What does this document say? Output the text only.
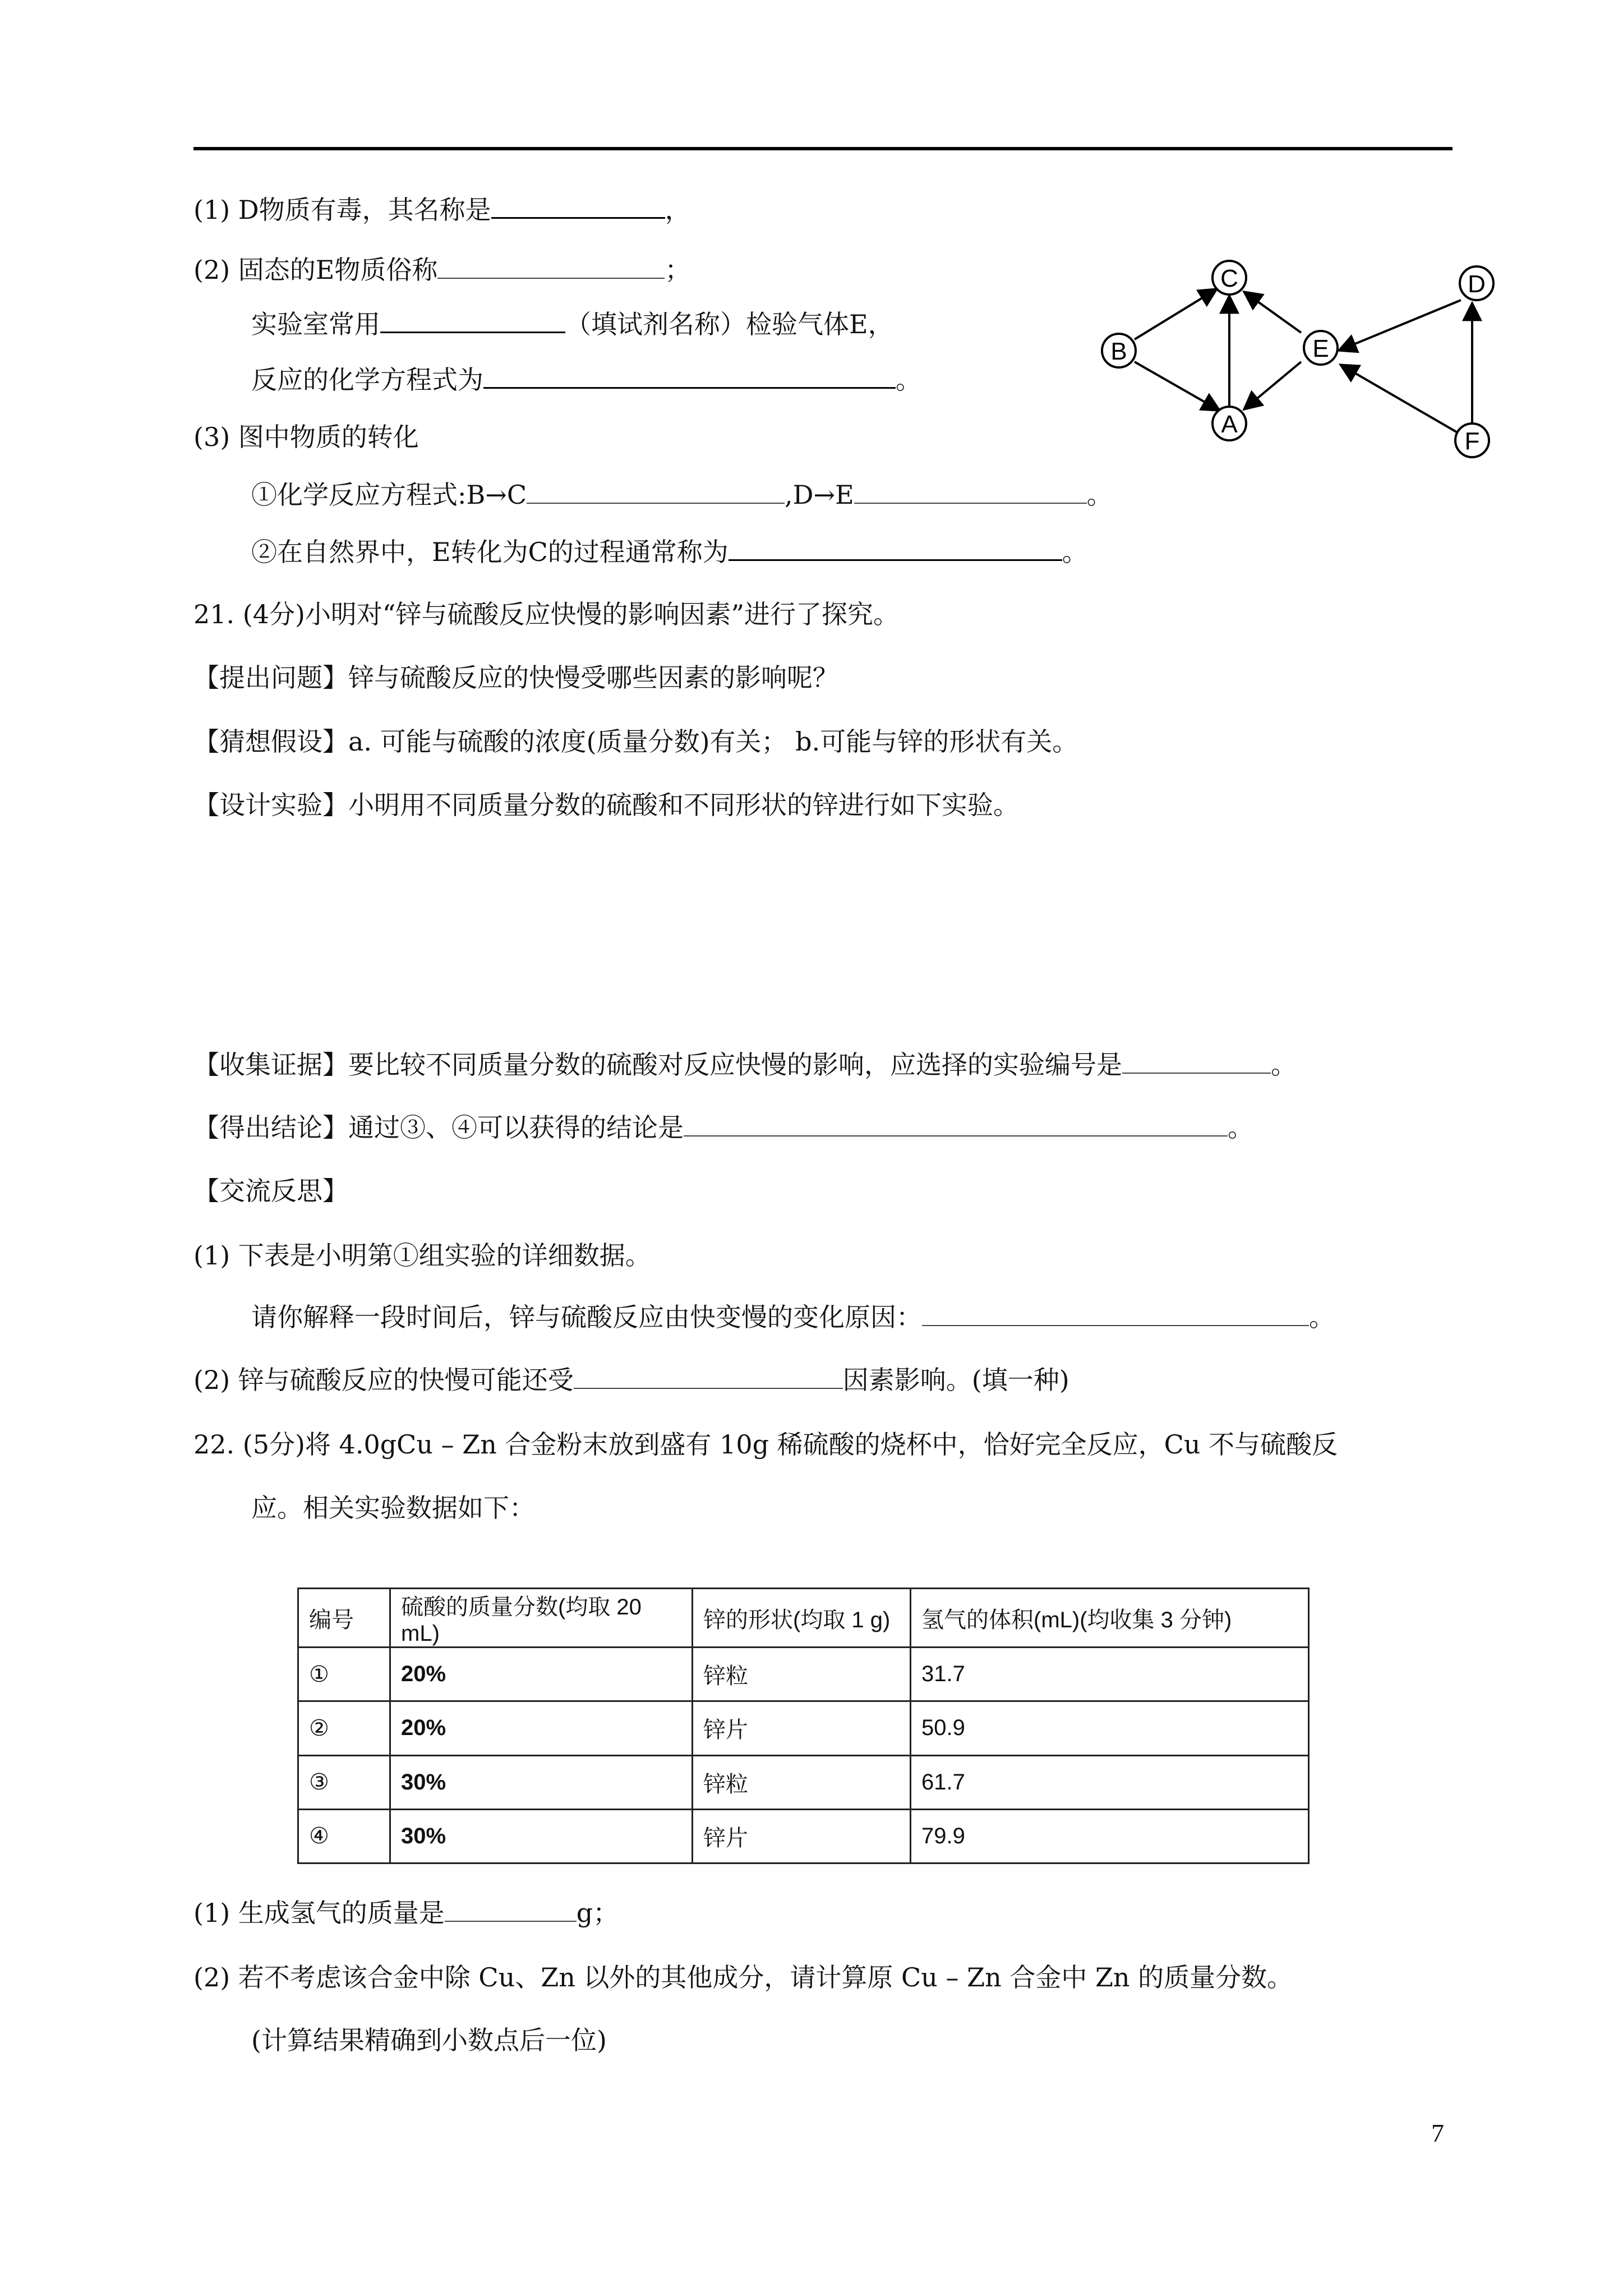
(1) D物质有毒，其名称是	，
(2) 固态的E物质俗称	；
实验室常用	（填试剂名称）检验气体E，
反应的化学方程式为	。
(3) 图中物质的转化
①化学反应方程式:B→C	,D→E	。
②在自然界中，E转化为C的过程通常称为	。
C
B	E
A
D
F
21. (4分)小明对“锌与硫酸反应快慢的影响因素”进行了探究。
【提出问题】锌与硫酸反应的快慢受哪些因素的影响呢？
【猜想假设】a. 可能与硫酸的浓度(质量分数)有关； b.可能与锌的形状有关。
【设计实验】小明用不同质量分数的硫酸和不同形状的锌进行如下实验。
【收集证据】要比较不同质量分数的硫酸对反应快慢的影响，应选择的实验编号是	。
【得出结论】通过③、④可以获得的结论是	。
【交流反思】
(1) 下表是小明第①组实验的详细数据。
请你解释一段时间后，锌与硫酸反应由快变慢的变化原因：	。
(2) 锌与硫酸反应的快慢可能还受	因素影响。(填一种)
22. (5分)将 4.0gCu – Zn 合金粉末放到盛有 10g 稀硫酸的烧杯中，恰好完全反应，Cu 不与硫酸反
应。相关实验数据如下：
编号	硫酸的质量分数(均取 20 mL)	锌的形状(均取 1 g)	氢气的体积(mL)(均收集 3 分钟)
①	20%	锌粒	31.7
②	20%	锌片	50.9
③	30%	锌粒	61.7
④	30%	锌片	79.9
(1) 生成氢气的质量是	g；
(2) 若不考虑该合金中除 Cu、Zn 以外的其他成分，请计算原 Cu – Zn 合金中 Zn 的质量分数。
(计算结果精确到小数点后一位)
7
